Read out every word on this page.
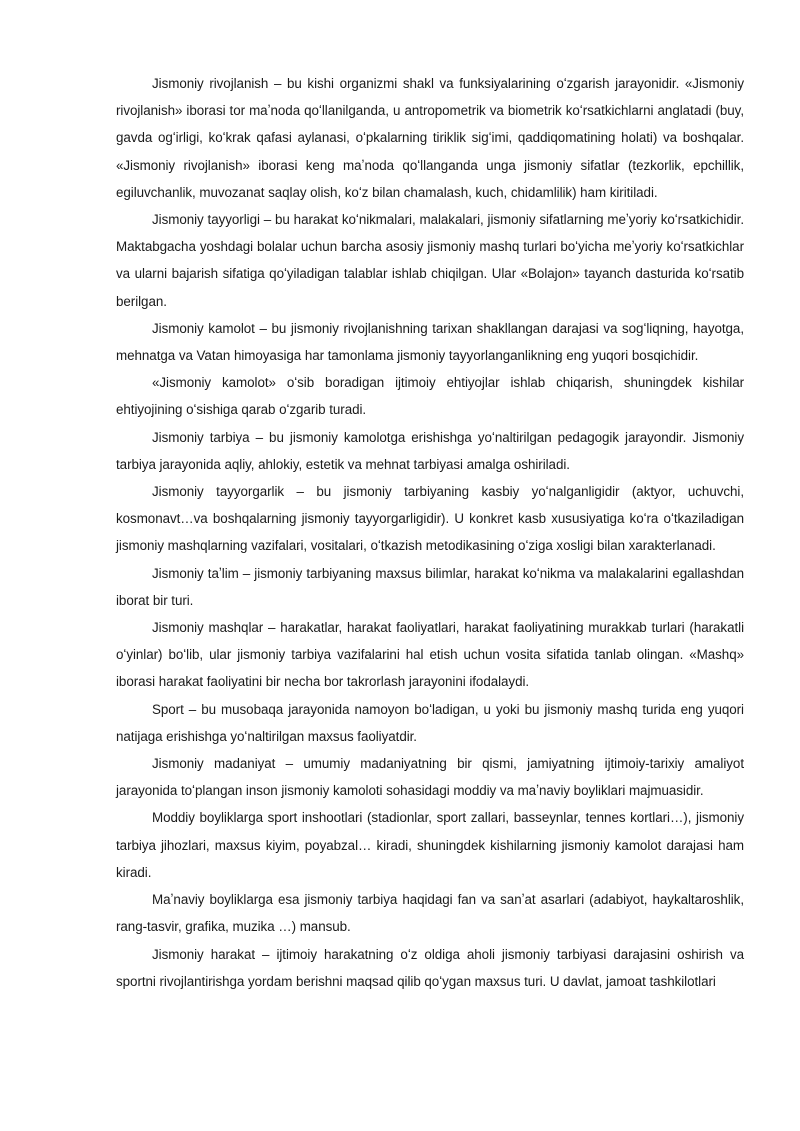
Jismoniy rivojlanish – bu kishi organizmi shakl va funksiyalarining oʻzgarish jarayonidir. «Jismoniy rivojlanish» iborasi tor maʼnoda qoʻllanilganda, u antropometrik va biometrik koʻrsatkichlarni anglatadi (buy, gavda ogʻirligi, koʻkrak qafasi aylanasi, oʻpkalarning tiriklik sigʻimi, qaddiqomatining holati) va boshqalar. «Jismoniy rivojlanish» iborasi keng maʼnoda qoʻllanganda unga jismoniy sifatlar (tezkorlik, epchillik, egiluvchanlik, muvozanat saqlay olish, koʻz bilan chamalash, kuch, chidamlilik) ham kiritiladi.

Jismoniy tayyorligi – bu harakat koʻnikmalari, malakalari, jismoniy sifatlarning meʼyoriy koʻrsatkichidir. Maktabgacha yoshdagi bolalar uchun barcha asosiy jismoniy mashq turlari boʻyicha meʼyoriy koʻrsatkichlar va ularni bajarish sifatiga qoʻyiladigan talablar ishlab chiqilgan. Ular «Bolajon» tayanch dasturida koʻrsatib berilgan.

Jismoniy kamolot – bu jismoniy rivojlanishning tarixan shakllangan darajasi va sogʻliqning, hayotga, mehnatga va Vatan himoyasiga har tamonlama jismoniy tayyorlanganlikning eng yuqori bosqichidir.

«Jismoniy kamolot» oʻsib boradigan ijtimoiy ehtiyojlar ishlab chiqarish, shuningdek kishilar ehtiyojining oʻsishiga qarab oʻzgarib turadi.

Jismoniy tarbiya – bu jismoniy kamolotga erishishga yoʻnaltirilgan pedagogik jarayondir. Jismoniy tarbiya jarayonida aqliy, ahlokiy, estetik va mehnat tarbiyasi amalga oshiriladi.

Jismoniy tayyorgarlik – bu jismoniy tarbiyaning kasbiy yoʻnalganligidir (aktyor, uchuvchi, kosmonavt…va boshqalarning jismoniy tayyorgarligidir). U konkret kasb xususiyatiga koʻra oʻtkaziladigan jismoniy mashqlarning vazifalari, vositalari, oʻtkazish metodikasining oʻziga xosligi bilan xarakterlanadi.

Jismoniy taʼlim – jismoniy tarbiyaning maxsus bilimlar, harakat koʻnikma va malakalarini egallashdan iborat bir turi.

Jismoniy mashqlar – harakatlar, harakat faoliyatlari, harakat faoliyatining murakkab turlari (harakatli oʻyinlar) boʻlib, ular jismoniy tarbiya vazifalarini hal etish uchun vosita sifatida tanlab olingan. «Mashq» iborasi harakat faoliyatini bir necha bor takrorlash jarayonini ifodalaydi.

Sport – bu musobaqa jarayonida namoyon boʻladigan, u yoki bu jismoniy mashq turida eng yuqori natijaga erishishga yoʻnaltirilgan maxsus faoliyatdir.

Jismoniy madaniyat – umumiy madaniyatning bir qismi, jamiyatning ijtimoiy-tarixiy amaliyot jarayonida toʻplangan inson jismoniy kamoloti sohasidagi moddiy va maʼnaviy boyliklari majmuasidir.

Moddiy boyliklarga sport inshootlari (stadionlar, sport zallari, basseynlar, tennes kortlari…), jismoniy tarbiya jihozlari, maxsus kiyim, poyabzal… kiradi, shuningdek kishilarning jismoniy kamolot darajasi ham kiradi.

Maʼnaviy boyliklarga esa jismoniy tarbiya haqidagi fan va sanʼat asarlari (adabiyot, haykaltaroshlik, rang-tasvir, grafika, muzika …) mansub.

Jismoniy harakat – ijtimoiy harakatning oʻz oldiga aholi jismoniy tarbiyasi darajasini oshirish va sportni rivojlantirishga yordam berishni maqsad qilib qoʻygan maxsus turi. U davlat, jamoat tashkilotlari
